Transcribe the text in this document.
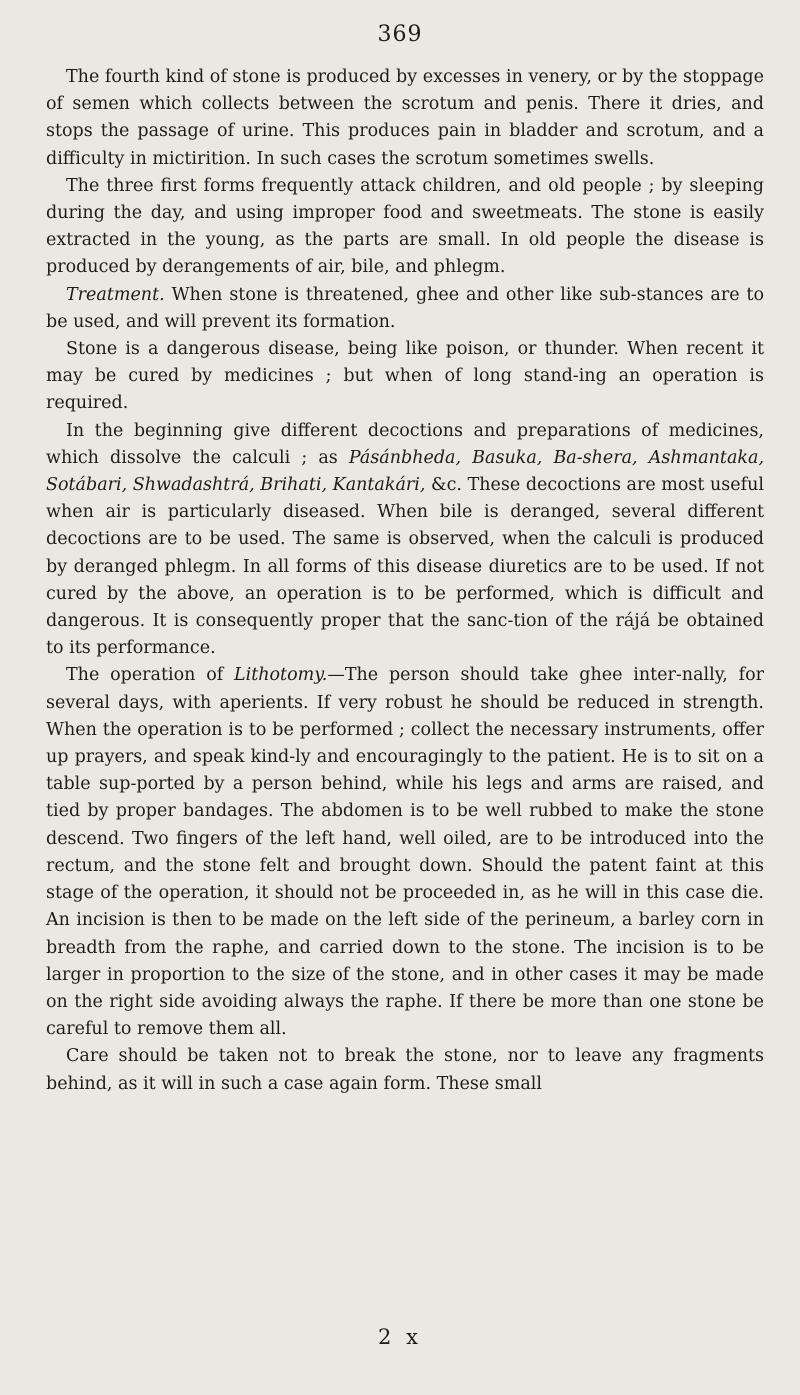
369

The fourth kind of stone is produced by excesses in venery, or by the stoppage of semen which collects between the scrotum and penis. There it dries, and stops the passage of urine. This produces pain in bladder and scrotum, and a difficulty in mictirition. In such cases the scrotum sometimes swells.

The three first forms frequently attack children, and old people ; by sleeping during the day, and using improper food and sweetmeats. The stone is easily extracted in the young, as the parts are small. In old people the disease is produced by derangements of air, bile, and phlegm.

Treatment. When stone is threatened, ghee and other like sub-stances are to be used, and will prevent its formation.

Stone is a dangerous disease, being like poison, or thunder. When recent it may be cured by medicines ; but when of long stand-ing an operation is required.

In the beginning give different decoctions and preparations of medicines, which dissolve the calculi ; as Pásánbheda, Basuka, Ba-shera, Ashmantaka, Sotábari, Shwadashtrá, Brihati, Kantakári, &c. These decoctions are most useful when air is particularly diseased. When bile is deranged, several different decoctions are to be used. The same is observed, when the calculi is produced by deranged phlegm. In all forms of this disease diuretics are to be used. If not cured by the above, an operation is to be performed, which is difficult and dangerous. It is consequently proper that the sanc-tion of the rájá be obtained to its performance.

The operation of Lithotomy.—The person should take ghee inter-nally, for several days, with aperients. If very robust he should be reduced in strength. When the operation is to be performed ; collect the necessary instruments, offer up prayers, and speak kind-ly and encouragingly to the patient. He is to sit on a table sup-ported by a person behind, while his legs and arms are raised, and tied by proper bandages. The abdomen is to be well rubbed to make the stone descend. Two fingers of the left hand, well oiled, are to be introduced into the rectum, and the stone felt and brought down. Should the patent faint at this stage of the operation, it should not be proceeded in, as he will in this case die. An incision is then to be made on the left side of the perineum, a barley corn in breadth from the raphe, and carried down to the stone. The incision is to be larger in proportion to the size of the stone, and in other cases it may be made on the right side avoiding always the raphe. If there be more than one stone be careful to remove them all.

Care should be taken not to break the stone, nor to leave any fragments behind, as it will in such a case again form. These small

2 x
